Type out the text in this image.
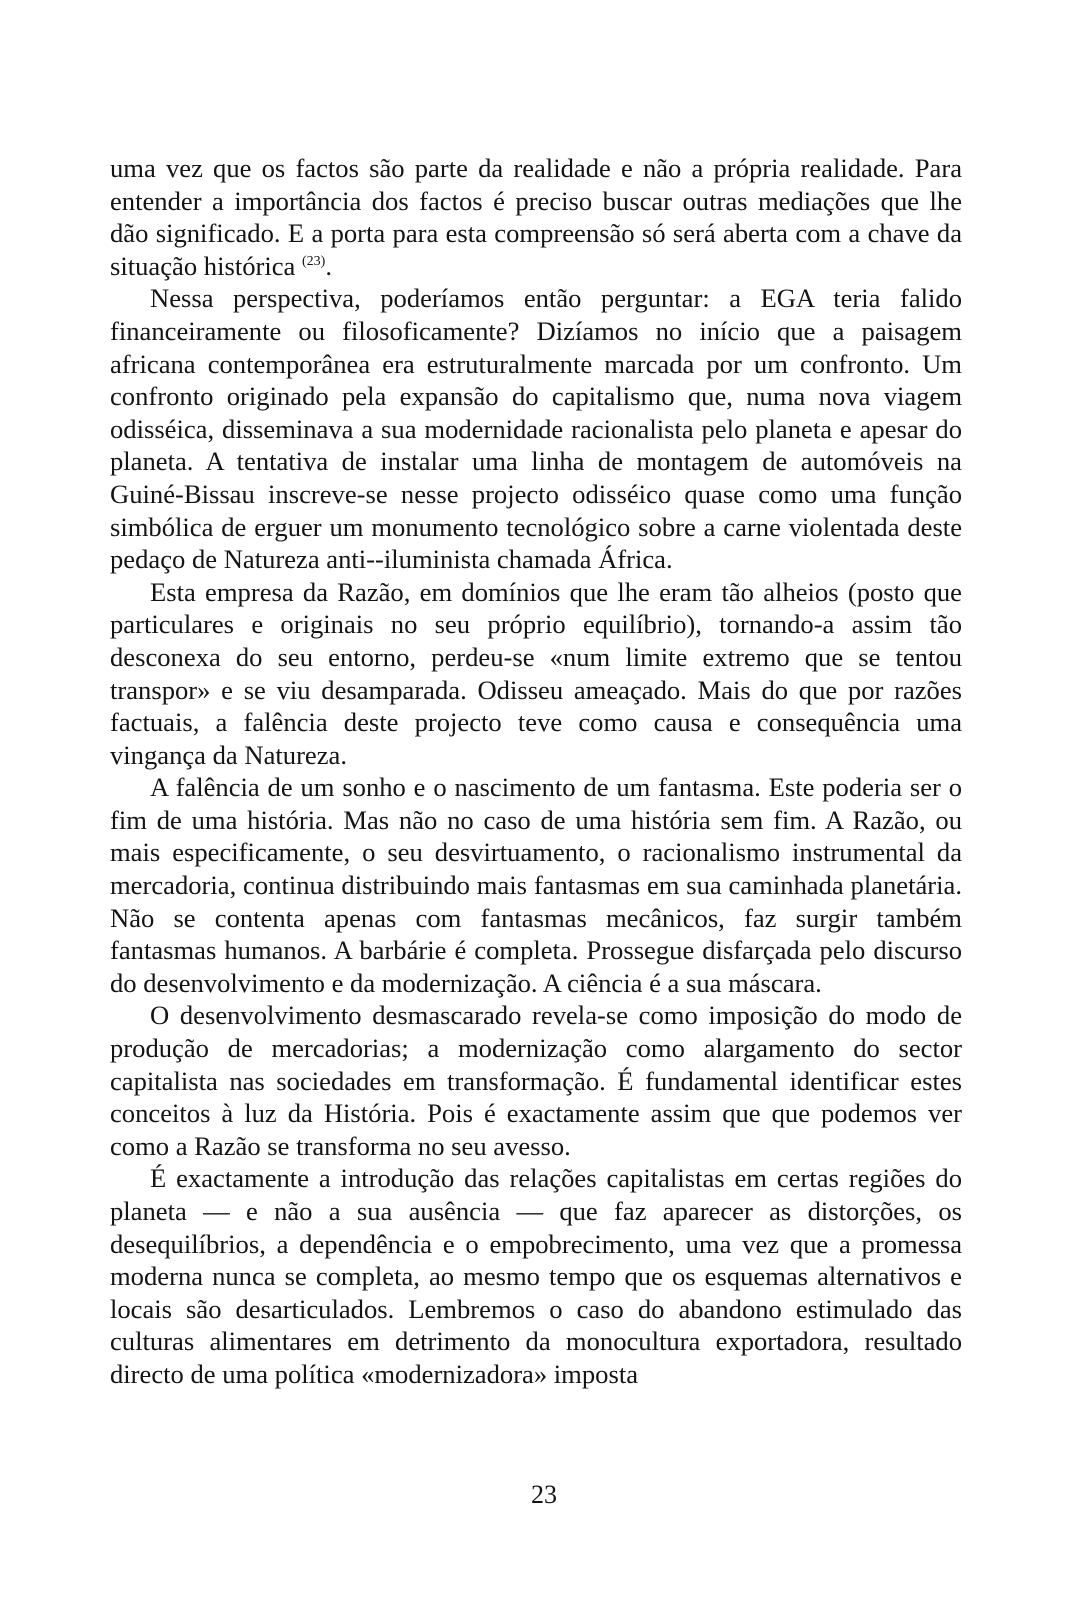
uma vez que os factos são parte da realidade e não a própria realidade. Para entender a importância dos factos é preciso buscar outras mediações que lhe dão significado. E a porta para esta compreensão só será aberta com a chave da situação histórica $^{(23)}$.

Nessa perspectiva, poderíamos então perguntar: a EGA teria falido financeiramente ou filosoficamente? Dizíamos no início que a paisagem africana contemporânea era estruturalmente marcada por um confronto. Um confronto originado pela expansão do capitalismo que, numa nova viagem odisséica, disseminava a sua modernidade racionalista pelo planeta e apesar do planeta. A tentativa de instalar uma linha de montagem de automóveis na Guiné-Bissau inscreve-se nesse projecto odisséico quase como uma função simbólica de erguer um monumento tecnológico sobre a carne violentada deste pedaço de Natureza anti--iluminista chamada África.

Esta empresa da Razão, em domínios que lhe eram tão alheios (posto que particulares e originais no seu próprio equilíbrio), tornando-a assim tão desconexa do seu entorno, perdeu-se «num limite extremo que se tentou transpor» e se viu desamparada. Odisseu ameaçado. Mais do que por razões factuais, a falência deste projecto teve como causa e consequência uma vingança da Natureza.

A falência de um sonho e o nascimento de um fantasma. Este poderia ser o fim de uma história. Mas não no caso de uma história sem fim. A Razão, ou mais especificamente, o seu desvirtuamento, o racionalismo instrumental da mercadoria, continua distribuindo mais fantasmas em sua caminhada planetária. Não se contenta apenas com fantasmas mecânicos, faz surgir também fantasmas humanos. A barbárie é completa. Prossegue disfarçada pelo discurso do desenvolvimento e da modernização. A ciência é a sua máscara.

O desenvolvimento desmascarado revela-se como imposição do modo de produção de mercadorias; a modernização como alargamento do sector capitalista nas sociedades em transformação. É fundamental identificar estes conceitos à luz da História. Pois é exactamente assim que que podemos ver como a Razão se transforma no seu avesso.

É exactamente a introdução das relações capitalistas em certas regiões do planeta — e não a sua ausência — que faz aparecer as distorções, os desequilíbrios, a dependência e o empobrecimento, uma vez que a promessa moderna nunca se completa, ao mesmo tempo que os esquemas alternativos e locais são desarticulados. Lembremos o caso do abandono estimulado das culturas alimentares em detrimento da monocultura exportadora, resultado directo de uma política «modernizadora» imposta

23
